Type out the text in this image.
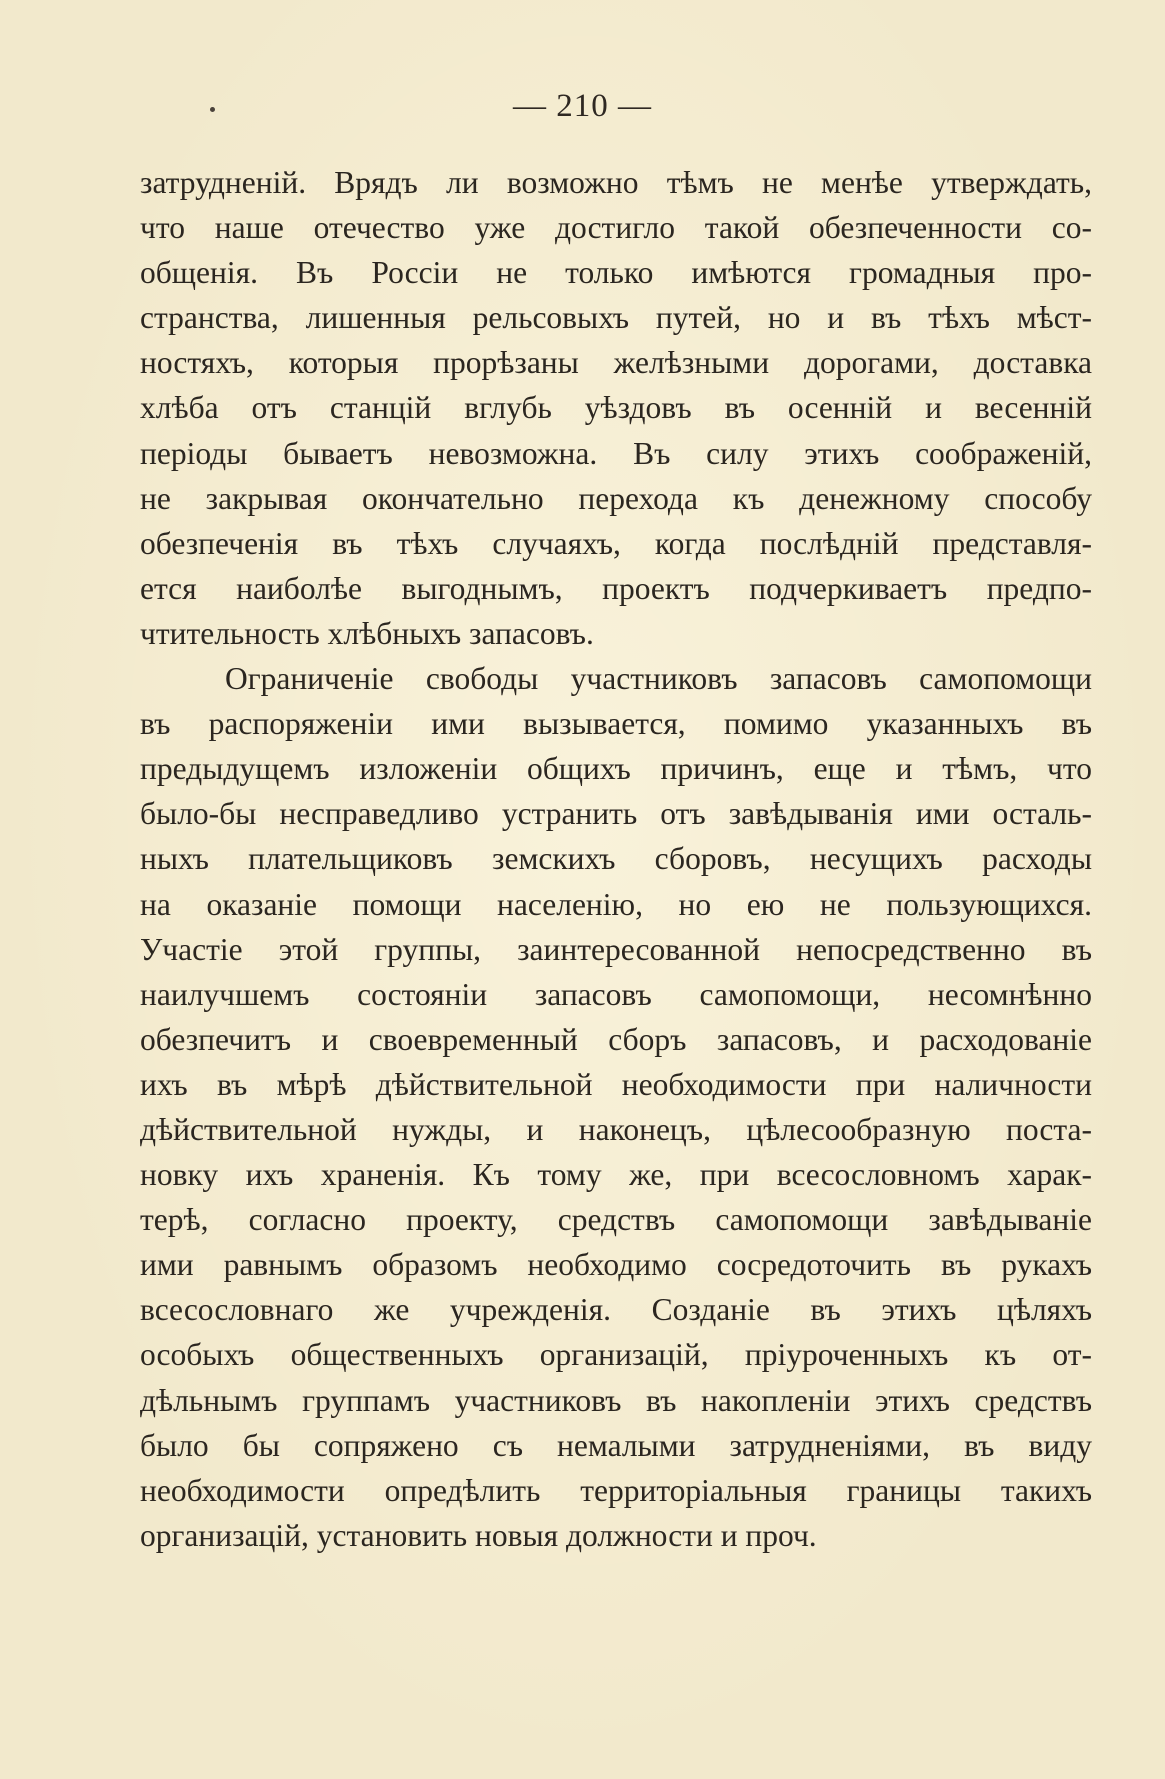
— 210 —
затрудненій. Врядъ ли возможно тѣмъ не менѣе утверждать,
что наше отечество уже достигло такой обезпеченности со-
общенія. Въ Россіи не только имѣются громадныя про-
странства, лишенныя рельсовыхъ путей, но и въ тѣхъ мѣст-
ностяхъ, которыя прорѣзаны желѣзными дорогами, доставка
хлѣба отъ станцій вглубь уѣздовъ въ осенній и весенній
періоды бываетъ невозможна. Въ силу этихъ соображеній,
не закрывая окончательно перехода къ денежному способу
обезпеченія въ тѣхъ случаяхъ, когда послѣдній представля-
ется наиболѣе выгоднымъ, проектъ подчеркиваетъ предпо-
чтительность хлѣбныхъ запасовъ.
Ограниченіе свободы участниковъ запасовъ самопомощи
въ распоряженіи ими вызывается, помимо указанныхъ въ
предыдущемъ изложеніи общихъ причинъ, еще и тѣмъ, что
было-бы несправедливо устранить отъ завѣдыванія ими осталь-
ныхъ плательщиковъ земскихъ сборовъ, несущихъ расходы
на оказаніе помощи населенію, но ею не пользующихся.
Участіе этой группы, заинтересованной непосредственно въ
наилучшемъ состояніи запасовъ самопомощи, несомнѣнно
обезпечитъ и своевременный сборъ запасовъ, и расходованіе
ихъ въ мѣрѣ дѣйствительной необходимости при наличности
дѣйствительной нужды, и наконецъ, цѣлесообразную поста-
новку ихъ храненія. Къ тому же, при всесословномъ харак-
терѣ, согласно проекту, средствъ самопомощи завѣдываніе
ими равнымъ образомъ необходимо сосредоточить въ рукахъ
всесословнаго же учрежденія. Созданіе въ этихъ цѣляхъ
особыхъ общественныхъ организацій, пріуроченныхъ къ от-
дѣльнымъ группамъ участниковъ въ накопленіи этихъ средствъ
было бы сопряжено съ немалыми затрудненіями, въ виду
необходимости опредѣлить территоріальныя границы такихъ
организацій, установить новыя должности и проч.
